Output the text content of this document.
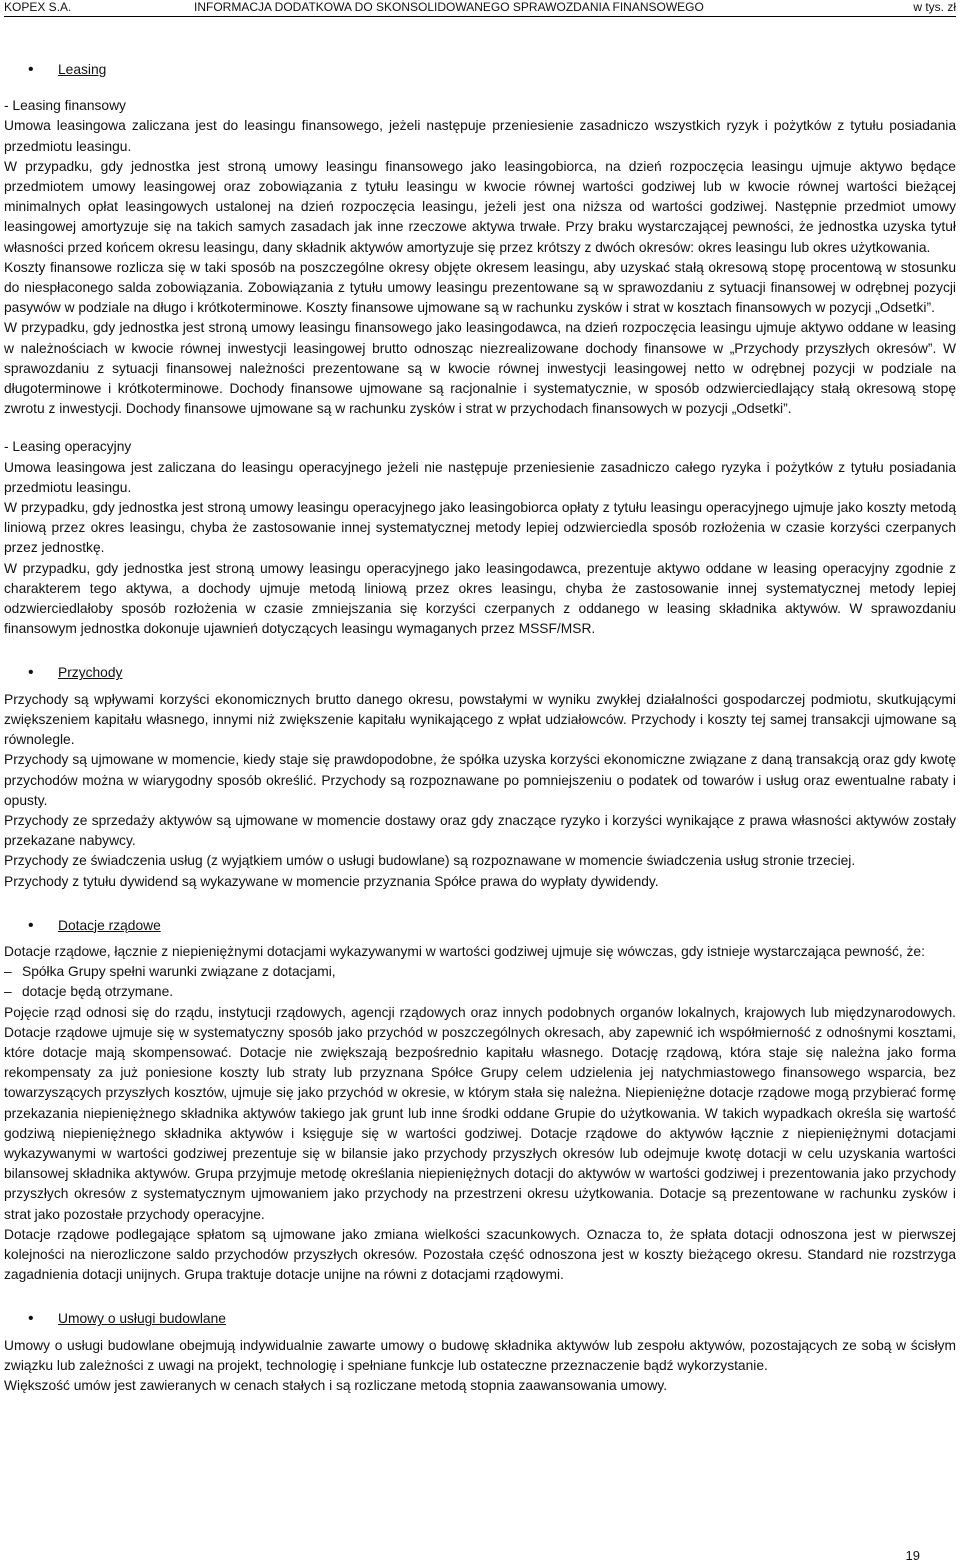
KOPEX S.A.	INFORMACJA DODATKOWA DO SKONSOLIDOWANEGO SPRAWOZDANIA FINANSOWEGO	w tys. zł
• Leasing

- Leasing finansowy

Umowa leasingowa zaliczana jest do leasingu finansowego, jeżeli następuje przeniesienie zasadniczo wszystkich ryzyk i pożytków z tytułu posiadania przedmiotu leasingu.

W przypadku, gdy jednostka jest stroną umowy leasingu finansowego jako leasingobiorca, na dzień rozpoczęcia leasingu ujmuje aktywo będące przedmiotem umowy leasingowej oraz zobowiązania z tytułu leasingu w kwocie równej wartości godziwej lub w kwocie równej wartości bieżącej minimalnych opłat leasingowych ustalonej na dzień rozpoczęcia leasingu, jeżeli jest ona niższa od wartości godziwej. Następnie przedmiot umowy leasingowej amortyzuje się na takich samych zasadach jak inne rzeczowe aktywa trwałe. Przy braku wystarczającej pewności, że jednostka uzyska tytuł własności przed końcem okresu leasingu, dany składnik aktywów amortyzuje się przez krótszy z dwóch okresów: okres leasingu lub okres użytkowania.

Koszty finansowe rozlicza się w taki sposób na poszczególne okresy objęte okresem leasingu, aby uzyskać stałą okresową stopę procentową w stosunku do niespłaconego salda zobowiązania. Zobowiązania z tytułu umowy leasingu prezentowane są w sprawozdaniu z sytuacji finansowej w odrębnej pozycji pasywów w podziale na długo i krótkoterminowe. Koszty finansowe ujmowane są w rachunku zysków i strat w kosztach finansowych w pozycji „Odsetki”.

W przypadku, gdy jednostka jest stroną umowy leasingu finansowego jako leasingodawca, na dzień rozpoczęcia leasingu ujmuje aktywo oddane w leasing w należnościach w kwocie równej inwestycji leasingowej brutto odnosząc niezrealizowane dochody finansowe w „Przychody przyszłych okresów”. W sprawozdaniu z sytuacji finansowej należności prezentowane są w kwocie równej inwestycji leasingowej netto w odrębnej pozycji w podziale na długoterminowe i krótkoterminowe. Dochody finansowe ujmowane są racjonalnie i systematycznie, w sposób odzwierciedlający stałą okresową stopę zwrotu z inwestycji. Dochody finansowe ujmowane są w rachunku zysków i strat w przychodach finansowych w pozycji „Odsetki”.

- Leasing operacyjny

Umowa leasingowa jest zaliczana do leasingu operacyjnego jeżeli nie następuje przeniesienie zasadniczo całego ryzyka i pożytków z tytułu posiadania przedmiotu leasingu.

W przypadku, gdy jednostka jest stroną umowy leasingu operacyjnego jako leasingobiorca opłaty z tytułu leasingu operacyjnego ujmuje jako koszty metodą liniową przez okres leasingu, chyba że zastosowanie innej systematycznej metody lepiej odzwierciedla sposób rozłożenia w czasie korzyści czerpanych przez jednostkę.

W przypadku, gdy jednostka jest stroną umowy leasingu operacyjnego jako leasingodawca, prezentuje aktywo oddane w leasing operacyjny zgodnie z charakterem tego aktywa, a dochody ujmuje metodą liniową przez okres leasingu, chyba że zastosowanie innej systematycznej metody lepiej odzwierciedlałoby sposób rozłożenia w czasie zmniejszania się korzyści czerpanych z oddanego w leasing składnika aktywów. W sprawozdaniu finansowym jednostka dokonuje ujawnień dotyczących leasingu wymaganych przez MSSF/MSR.

• Przychody

Przychody są wpływami korzyści ekonomicznych brutto danego okresu, powstałymi w wyniku zwykłej działalności gospodarczej podmiotu, skutkującymi zwiększeniem kapitału własnego, innymi niż zwiększenie kapitału wynikającego z wpłat udziałowców. Przychody i koszty tej samej transakcji ujmowane są równolegle.

Przychody są ujmowane w momencie, kiedy staje się prawdopodobne, że spółka uzyska korzyści ekonomiczne związane z daną transakcją oraz gdy kwotę przychodów można w wiarygodny sposób określić. Przychody są rozpoznawane po pomniejszeniu o podatek od towarów i usług oraz ewentualne rabaty i opusty.

Przychody ze sprzedaży aktywów są ujmowane w momencie dostawy oraz gdy znaczące ryzyko i korzyści wynikające z prawa własności aktywów zostały przekazane nabywcy.

Przychody ze świadczenia usług (z wyjątkiem umów o usługi budowlane) są rozpoznawane w momencie świadczenia usług stronie trzeciej.

Przychody z tytułu dywidend są wykazywane w momencie przyznania Spółce prawa do wypłaty dywidendy.

• Dotacje rządowe

Dotacje rządowe, łącznie z niepieniężnymi dotacjami wykazywanymi w wartości godziwej ujmuje się wówczas, gdy istnieje wystarczająca pewność, że:

– Spółka Grupy spełni warunki związane z dotacjami,
– dotacje będą otrzymane.

Pojęcie rząd odnosi się do rządu, instytucji rządowych, agencji rządowych oraz innych podobnych organów lokalnych, krajowych lub międzynarodowych. Dotacje rządowe ujmuje się w systematyczny sposób jako przychód w poszczególnych okresach, aby zapewnić ich współmierność z odnośnymi kosztami, które dotacje mają skompensować. Dotacje nie zwiększają bezpośrednio kapitału własnego. Dotację rządową, która staje się należna jako forma rekompensaty za już poniesione koszty lub straty lub przyznana Spółce Grupy celem udzielenia jej natychmiastowego finansowego wsparcia, bez towarzyszących przyszłych kosztów, ujmuje się jako przychód w okresie, w którym stała się należna. Niepieniężne dotacje rządowe mogą przybierać formę przekazania niepieniężnego składnika aktywów takiego jak grunt lub inne środki oddane Grupie do użytkowania. W takich wypadkach określa się wartość godziwą niepieniężnego składnika aktywów i księguje się w wartości godziwej. Dotacje rządowe do aktywów łącznie z niepieniężnymi dotacjami wykazywanymi w wartości godziwej prezentuje się w bilansie jako przychody przyszłych okresów lub odejmuje kwotę dotacji w celu uzyskania wartości bilansowej składnika aktywów. Grupa przyjmuje metodę określania niepieniężnych dotacji do aktywów w wartości godziwej i prezentowania jako przychody przyszłych okresów z systematycznym ujmowaniem jako przychody na przestrzeni okresu użytkowania. Dotacje są prezentowane w rachunku zysków i strat jako pozostałe przychody operacyjne.

Dotacje rządowe podlegające spłatom są ujmowane jako zmiana wielkości szacunkowych. Oznacza to, że spłata dotacji odnoszona jest w pierwszej kolejności na nierozliczone saldo przychodów przyszłych okresów. Pozostała część odnoszona jest w koszty bieżącego okresu. Standard nie rozstrzyga zagadnienia dotacji unijnych. Grupa traktuje dotacje unijne na równi z dotacjami rządowymi.

• Umowy o usługi budowlane

Umowy o usługi budowlane obejmują indywidualnie zawarte umowy o budowę składnika aktywów lub zespołu aktywów, pozostających ze sobą w ścisłym związku lub zależności z uwagi na projekt, technologię i spełniane funkcje lub ostateczne przeznaczenie bądź wykorzystanie.

Większość umów jest zawieranych w cenach stałych i są rozliczane metodą stopnia zaawansowania umowy.

19
